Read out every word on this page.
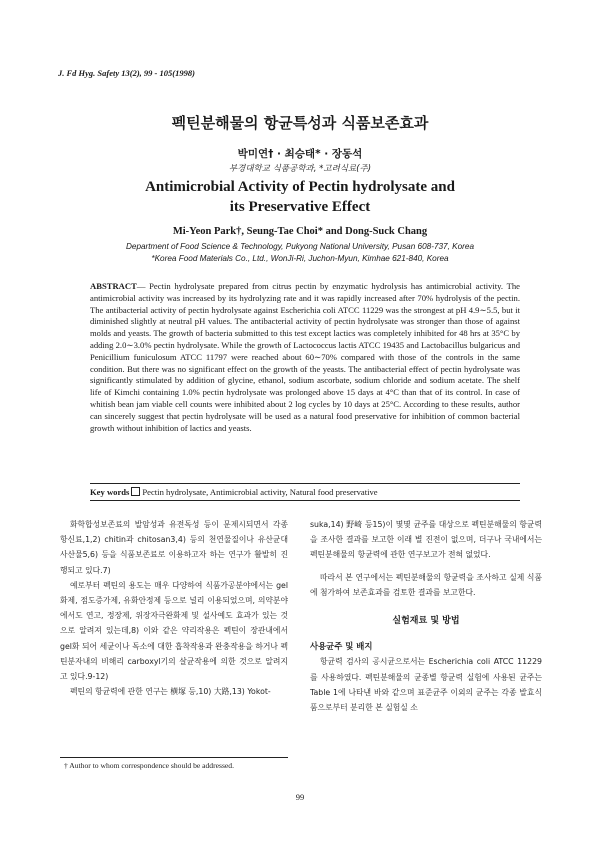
J. Fd Hyg. Safety 13(2), 99 - 105(1998)
펙틴분해물의 항균특성과 식품보존효과
박미연† · 최승태* · 장동석
부경대학교 식품공학과, *고려식료(주)
Antimicrobial Activity of Pectin hydrolysate and
its Preservative Effect
Mi-Yeon Park†, Seung-Tae Choi* and Dong-Suck Chang
Department of Food Science & Technology, Pukyong National University, Pusan 608-737, Korea
*Korea Food Materials Co., Ltd., WonJi-Ri, Juchon-Myun, Kimhae 621-840, Korea
ABSTRACT— Pectin hydrolysate prepared from citrus pectin by enzymatic hydrolysis has antimicrobial activity. The antimicrobial activity was increased by its hydrolyzing rate and it was rapidly increased after 70% hydrolysis of the pectin. The antibacterial activity of pectin hydrolysate against Escherichia coli ATCC 11229 was the strongest at pH 4.9∼5.5, but it diminished slightly at neutral pH values. The antibacterial activity of pectin hydrolysate was stronger than those of against molds and yeasts. The growth of bacteria submitted to this test except lactics was completely inhibited for 48 hrs at 35°C by adding 2.0∼3.0% pectin hydrolysate. While the growth of Lactococcus lactis ATCC 19435 and Lactobacillus bulgaricus and Penicillium funiculosum ATCC 11797 were reached about 60∼70% compared with those of the controls in the same condition. But there was no significant effect on the growth of the yeasts. The antibacterial effect of pectin hydrolysate was significantly stimulated by addition of glycine, ethanol, sodium ascorbate, sodium chloride and sodium acetate. The shelf life of Kimchi containing 1.0% pectin hydrolysate was prolonged above 15 days at 4°C than that of its control. In case of whitish bean jam viable cell counts were inhibited about 2 log cycles by 10 days at 25°C. According to these results, author can sincerely suggest that pectin hydrolysate will be used as a natural food preservative for inhibition of common bacterial growth without inhibition of lactics and yeasts.
Key words Pectin hydrolysate, Antimicrobial activity, Natural food preservative

화학합성보존료의 발암성과 유전독성 등이 문제시되면서 각종 항신료,1,2) chitin과 chitosan3,4) 등의 천연물질이나 유산균대사산물5,6) 등을 식품보존료로 이용하고자 하는 연구가 활발히 진행되고 있다.7)

예로부터 펙틴의 용도는 매우 다양하여 식품가공분야에서는 gel화제, 점도증가제, 유화안정제 등으로 널리 이용되었으며, 의약분야에서도 연고, 정장제, 위장자극완화제 및 설사예도 효과가 있는 것으로 알려져 있는데,8) 이와 같은 약리작용은 펙틴이 장관내에서 gel화 되어 세균이나 독소에 대한 흡착작용과 완충작용을 하거나 펙틴분자내의 비해리 carboxyl기의 살균작용에 의한 것으로 알려지고 있다.9-12)

펙틴의 항균력에 관한 연구는 横塚 등,10) 大路,13) Yokot-

suka,14) 野崎 등15)이 몇몇 균주를 대상으로 펙틴분해물의 항균력을 조사한 결과를 보고한 이래 별 진전이 없으며, 더구나 국내에서는 펙틴분해물의 항균력에 관한 연구보고가 전혀 없었다.

따라서 본 연구에서는 펙틴분해물의 항균력을 조사하고 실제 식품에 첨가하여 보존효과를 검토한 결과를 보고한다.

실험재료 및 방법
사용균주 및 배지

항균력 검사의 공시균으로서는 Escherichia coli ATCC 11229를 사용하였다. 펙틴분해물의 균종별 항균력 실험에 사용된 균주는 Table 1에 나타낸 바와 같으며 표준균주 이외의 균주는 각종 발효식품으로부터 분리한 본 실험실 소

† Author to whom correspondence should be addressed.
99
